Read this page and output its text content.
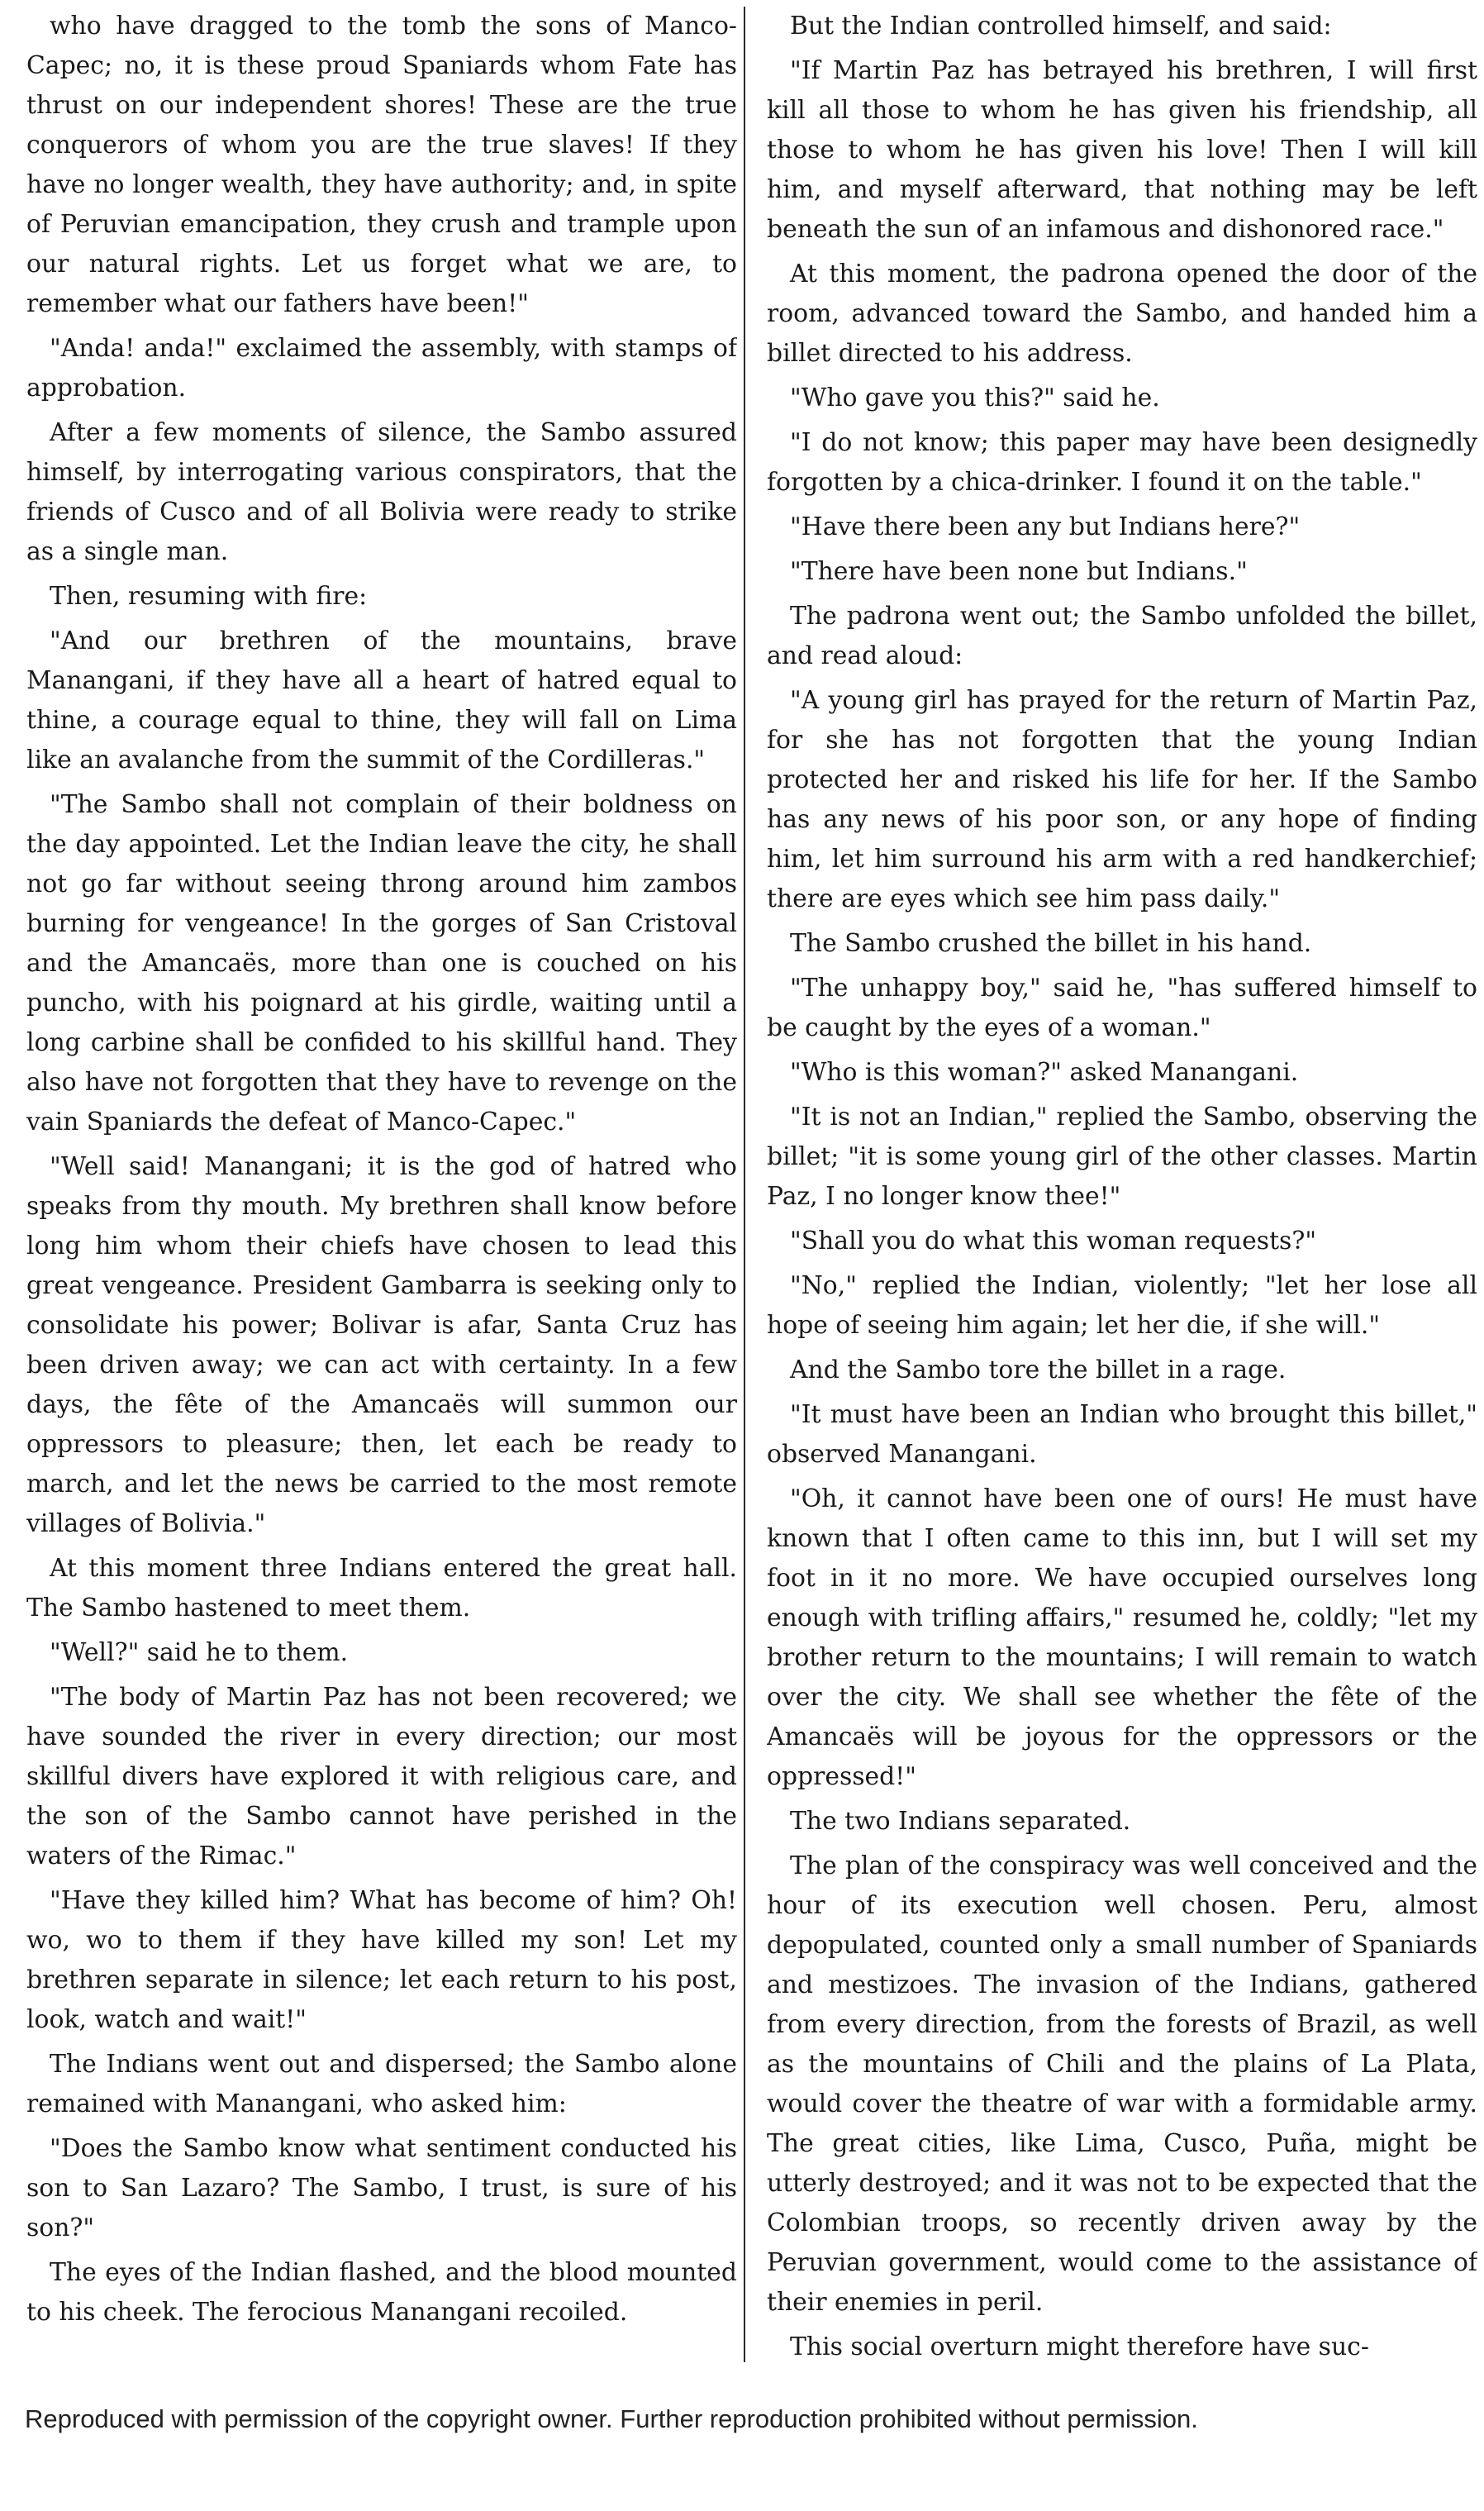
who have dragged to the tomb the sons of Manco-Capec; no, it is these proud Spaniards whom Fate has thrust on our independent shores! These are the true conquerors of whom you are the true slaves! If they have no longer wealth, they have authority; and, in spite of Peruvian emancipation, they crush and trample upon our natural rights. Let us forget what we are, to remember what our fathers have been!"

"Anda! anda!" exclaimed the assembly, with stamps of approbation.

After a few moments of silence, the Sambo assured himself, by interrogating various conspirators, that the friends of Cusco and of all Bolivia were ready to strike as a single man.

Then, resuming with fire:

"And our brethren of the mountains, brave Manangani, if they have all a heart of hatred equal to thine, a courage equal to thine, they will fall on Lima like an avalanche from the summit of the Cordilleras."

"The Sambo shall not complain of their boldness on the day appointed. Let the Indian leave the city, he shall not go far without seeing throng around him zambos burning for vengeance! In the gorges of San Cristoval and the Amancaës, more than one is couched on his puncho, with his poignard at his girdle, waiting until a long carbine shall be confided to his skillful hand. They also have not forgotten that they have to revenge on the vain Spaniards the defeat of Manco-Capec."

"Well said! Manangani; it is the god of hatred who speaks from thy mouth. My brethren shall know before long him whom their chiefs have chosen to lead this great vengeance. President Gambarra is seeking only to consolidate his power; Bolivar is afar, Santa Cruz has been driven away; we can act with certainty. In a few days, the fête of the Amancaës will summon our oppressors to pleasure; then, let each be ready to march, and let the news be carried to the most remote villages of Bolivia."

At this moment three Indians entered the great hall. The Sambo hastened to meet them.

"Well?" said he to them.

"The body of Martin Paz has not been recovered; we have sounded the river in every direction; our most skillful divers have explored it with religious care, and the son of the Sambo cannot have perished in the waters of the Rimac."

"Have they killed him? What has become of him? Oh! wo, wo to them if they have killed my son! Let my brethren separate in silence; let each return to his post, look, watch and wait!"

The Indians went out and dispersed; the Sambo alone remained with Manangani, who asked him:

"Does the Sambo know what sentiment conducted his son to San Lazaro? The Sambo, I trust, is sure of his son?"

The eyes of the Indian flashed, and the blood mounted to his cheek. The ferocious Manangani recoiled.

But the Indian controlled himself, and said:

"If Martin Paz has betrayed his brethren, I will first kill all those to whom he has given his friendship, all those to whom he has given his love! Then I will kill him, and myself afterward, that nothing may be left beneath the sun of an infamous and dishonored race."

At this moment, the padrona opened the door of the room, advanced toward the Sambo, and handed him a billet directed to his address.

"Who gave you this?" said he.

"I do not know; this paper may have been designedly forgotten by a chica-drinker. I found it on the table."

"Have there been any but Indians here?"

"There have been none but Indians."

The padrona went out; the Sambo unfolded the billet, and read aloud:

"A young girl has prayed for the return of Martin Paz, for she has not forgotten that the young Indian protected her and risked his life for her. If the Sambo has any news of his poor son, or any hope of finding him, let him surround his arm with a red handkerchief; there are eyes which see him pass daily."

The Sambo crushed the billet in his hand.

"The unhappy boy," said he, "has suffered himself to be caught by the eyes of a woman."

"Who is this woman?" asked Manangani.

"It is not an Indian," replied the Sambo, observing the billet; "it is some young girl of the other classes. Martin Paz, I no longer know thee!"

"Shall you do what this woman requests?"

"No," replied the Indian, violently; "let her lose all hope of seeing him again; let her die, if she will."

And the Sambo tore the billet in a rage.

"It must have been an Indian who brought this billet," observed Manangani.

"Oh, it cannot have been one of ours! He must have known that I often came to this inn, but I will set my foot in it no more. We have occupied ourselves long enough with trifling affairs," resumed he, coldly; "let my brother return to the mountains; I will remain to watch over the city. We shall see whether the fête of the Amancaës will be joyous for the oppressors or the oppressed!"

The two Indians separated.

The plan of the conspiracy was well conceived and the hour of its execution well chosen. Peru, almost depopulated, counted only a small number of Spaniards and mestizoes. The invasion of the Indians, gathered from every direction, from the forests of Brazil, as well as the mountains of Chili and the plains of La Plata, would cover the theatre of war with a formidable army. The great cities, like Lima, Cusco, Puña, might be utterly destroyed; and it was not to be expected that the Colombian troops, so recently driven away by the Peruvian government, would come to the assistance of their enemies in peril.

This social overturn might therefore have suc-

Reproduced with permission of the copyright owner. Further reproduction prohibited without permission.
